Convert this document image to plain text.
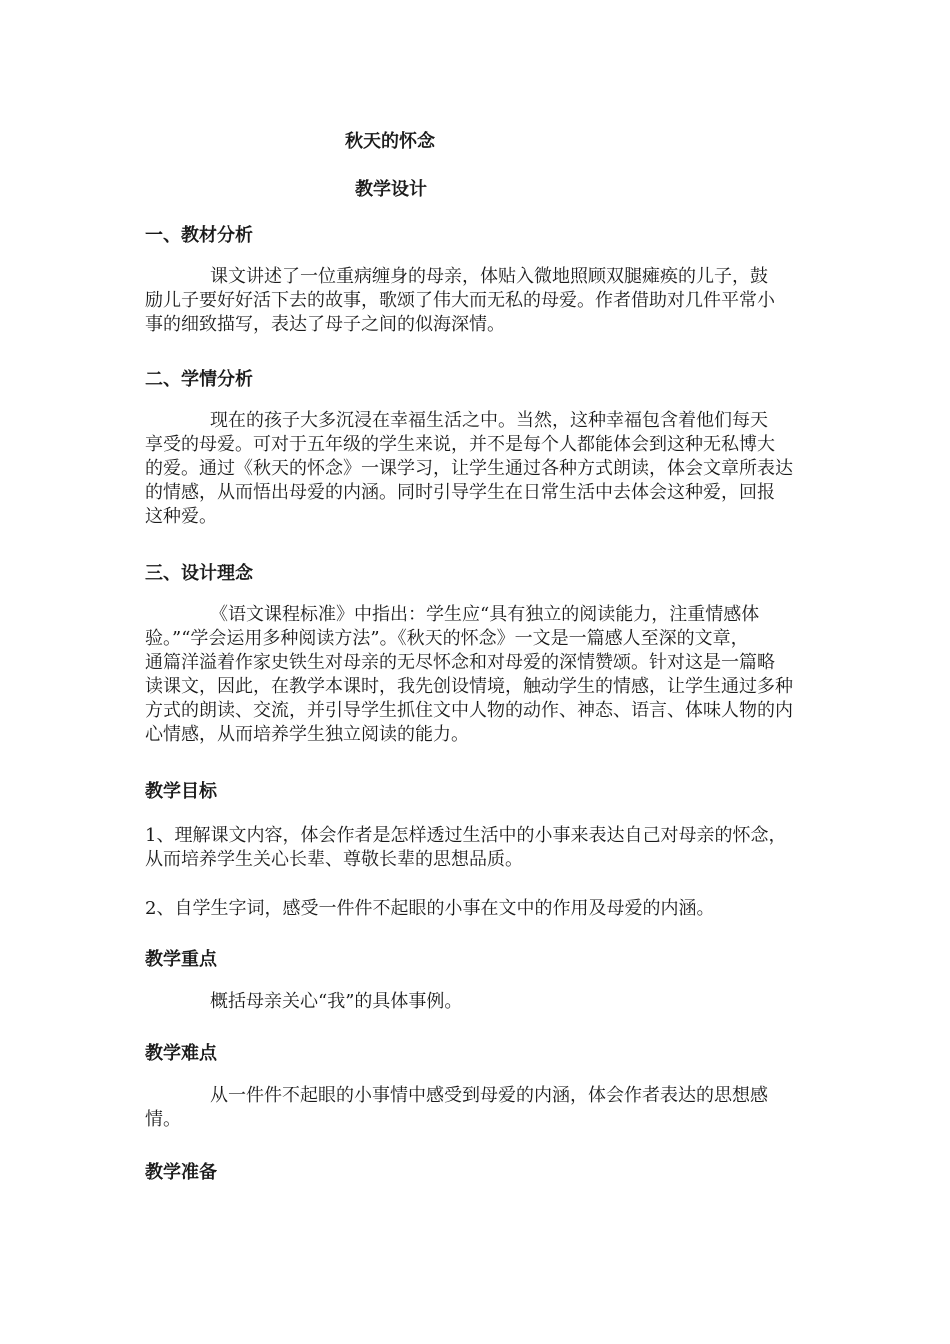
秋天的怀念
教学设计
一、教材分析
课文讲述了一位重病缠身的母亲，体贴入微地照顾双腿瘫痪的儿子，鼓
励儿子要好好活下去的故事，歌颂了伟大而无私的母爱。作者借助对几件平常小
事的细致描写，表达了母子之间的似海深情。
二、学情分析
现在的孩子大多沉浸在幸福生活之中。当然，这种幸福包含着他们每天
享受的母爱。可对于五年级的学生来说，并不是每个人都能体会到这种无私博大
的爱。通过《秋天的怀念》一课学习，让学生通过各种方式朗读，体会文章所表达
的情感，从而悟出母爱的内涵。同时引导学生在日常生活中去体会这种爱，回报
这种爱。
三、设计理念
《语文课程标准》中指出：学生应“具有独立的阅读能力，注重情感体
验。”“学会运用多种阅读方法”。《秋天的怀念》一文是一篇感人至深的文章，
通篇洋溢着作家史铁生对母亲的无尽怀念和对母爱的深情赞颂。针对这是一篇略
读课文，因此，在教学本课时，我先创设情境，触动学生的情感，让学生通过多种
方式的朗读、交流，并引导学生抓住文中人物的动作、神态、语言、体味人物的内
心情感，从而培养学生独立阅读的能力。
教学目标
1、理解课文内容，体会作者是怎样透过生活中的小事来表达自己对母亲的怀念，
从而培养学生关心长辈、尊敬长辈的思想品质。
2、自学生字词，感受一件件不起眼的小事在文中的作用及母爱的内涵。
教学重点
概括母亲关心“我”的具体事例。
教学难点
从一件件不起眼的小事情中感受到母爱的内涵，体会作者表达的思想感
情。
教学准备
